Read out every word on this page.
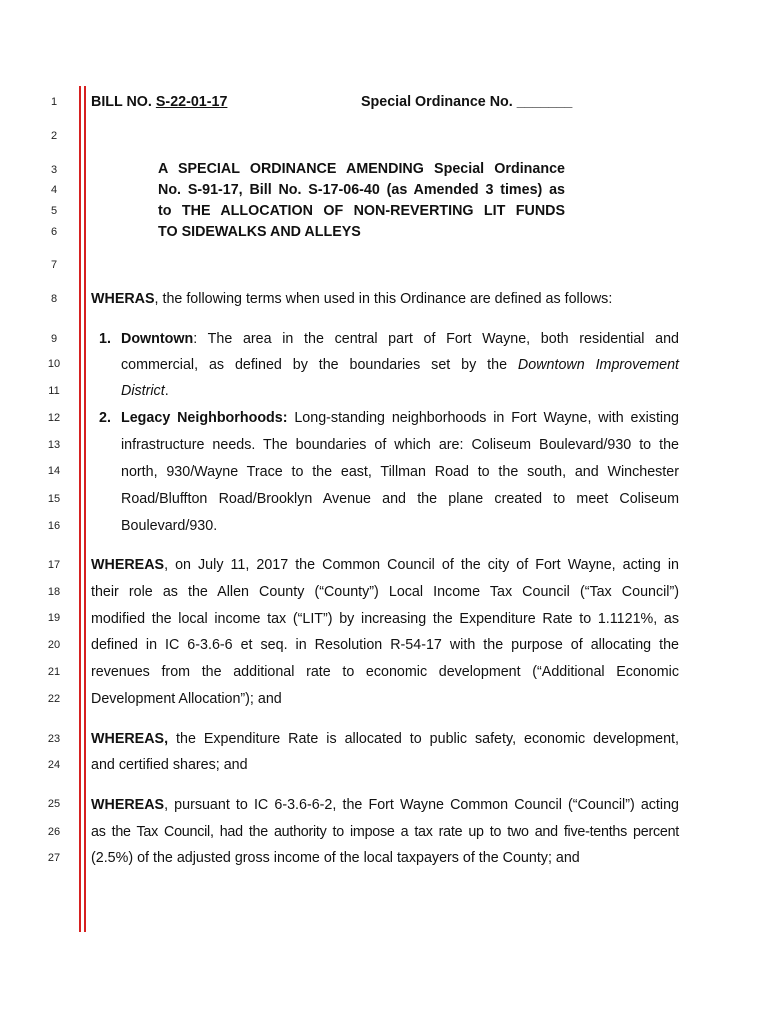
1
2
3
4
5
6
7
8
9
10
11
12
13
14
15
16
17
18
19
20
21
22
23
24
25
26
27
BILL NO. S-22-01-17	Special Ordinance No. _______
A SPECIAL ORDINANCE AMENDING Special Ordinance
No. S-91-17, Bill No. S-17-06-40 (as Amended 3 times) as
to THE ALLOCATION OF NON-REVERTING LIT FUNDS
TO SIDEWALKS AND ALLEYS
WHERAS, the following terms when used in this Ordinance are defined as follows:
1. Downtown: The area in the central part of Fort Wayne, both residential and
commercial, as defined by the boundaries set by the Downtown Improvement
District.
2. Legacy Neighborhoods: Long-standing neighborhoods in Fort Wayne, with existing
infrastructure needs. The boundaries of which are: Coliseum Boulevard/930 to the
north, 930/Wayne Trace to the east, Tillman Road to the south, and Winchester
Road/Bluffton Road/Brooklyn Avenue and the plane created to meet Coliseum
Boulevard/930.
WHEREAS, on July 11, 2017 the Common Council of the city of Fort Wayne, acting in
their role as the Allen County (“County”) Local Income Tax Council (“Tax Council”)
modified the local income tax (“LIT”) by increasing the Expenditure Rate to 1.1121%, as
defined in IC 6-3.6-6 et seq. in Resolution R-54-17 with the purpose of allocating the
revenues from the additional rate to economic development (“Additional Economic
Development Allocation”); and
WHEREAS, the Expenditure Rate is allocated to public safety, economic development,
and certified shares; and
WHEREAS, pursuant to IC 6-3.6-6-2, the Fort Wayne Common Council (“Council”) acting
as the Tax Council, had the authority to impose a tax rate up to two and five-tenths percent
(2.5%) of the adjusted gross income of the local taxpayers of the County; and
